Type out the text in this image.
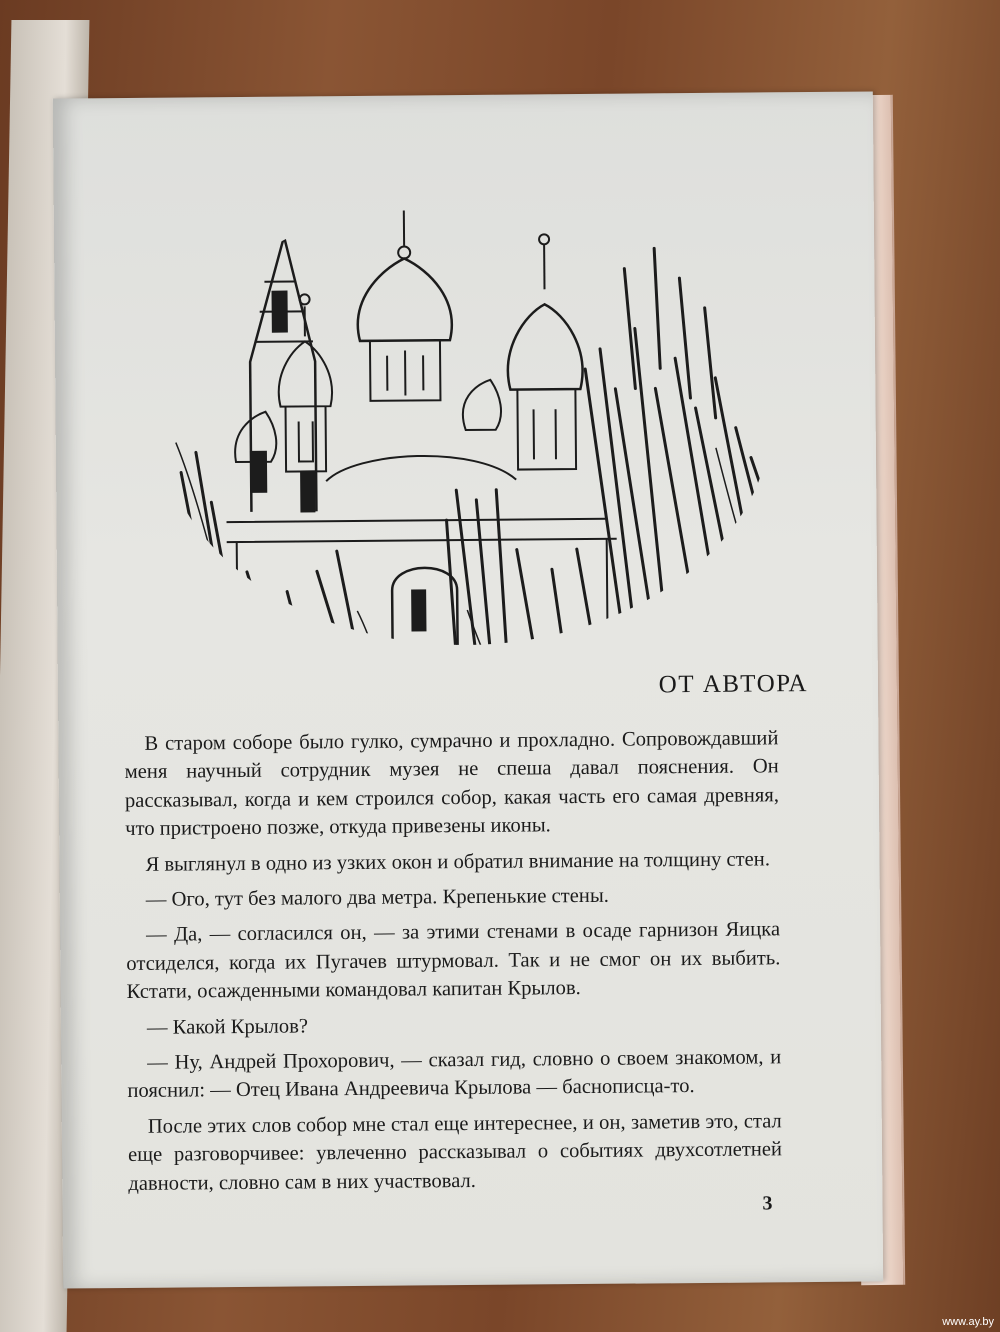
ОТ АВТОРА

В старом соборе было гулко, сумрачно и прохладно. Сопровождавший меня научный сотрудник музея не спеша давал пояснения. Он рассказывал, когда и кем строился собор, какая часть его самая древняя, что пристроено позже, откуда привезены иконы.

Я выглянул в одно из узких окон и обратил внимание на толщину стен.

— Ого, тут без малого два метра. Крепенькие стены.

— Да, — согласился он, — за этими стенами в осаде гарнизон Яицка отсиделся, когда их Пугачев штурмовал. Так и не смог он их выбить. Кстати, осажденными командовал капитан Крылов.

— Какой Крылов?

— Ну, Андрей Прохорович, — сказал гид, словно о своем знакомом, и пояснил: — Отец Ивана Андреевича Крылова — баснописца-то.

После этих слов собор мне стал еще интереснее, и он, заметив это, стал еще разговорчивее: увлеченно рассказывал о событиях двухсотлетней давности, словно сам в них участвовал.

3
www.ay.by
